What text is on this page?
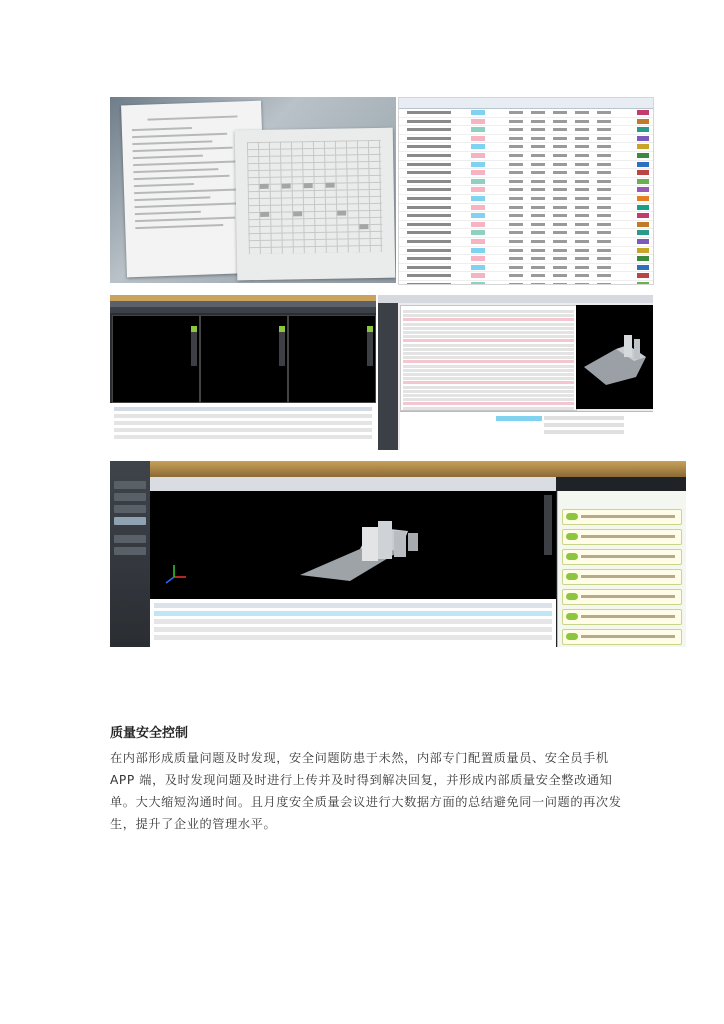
质量安全控制

在内部形成质量问题及时发现，安全问题防患于未然，内部专门配置质量员、安全员手机 APP 端，及时发现问题及时进行上传并及时得到解决回复，并形成内部质量安全整改通知单。大大缩短沟通时间。且月度安全质量会议进行大数据方面的总结避免同一问题的再次发生，提升了企业的管理水平。
